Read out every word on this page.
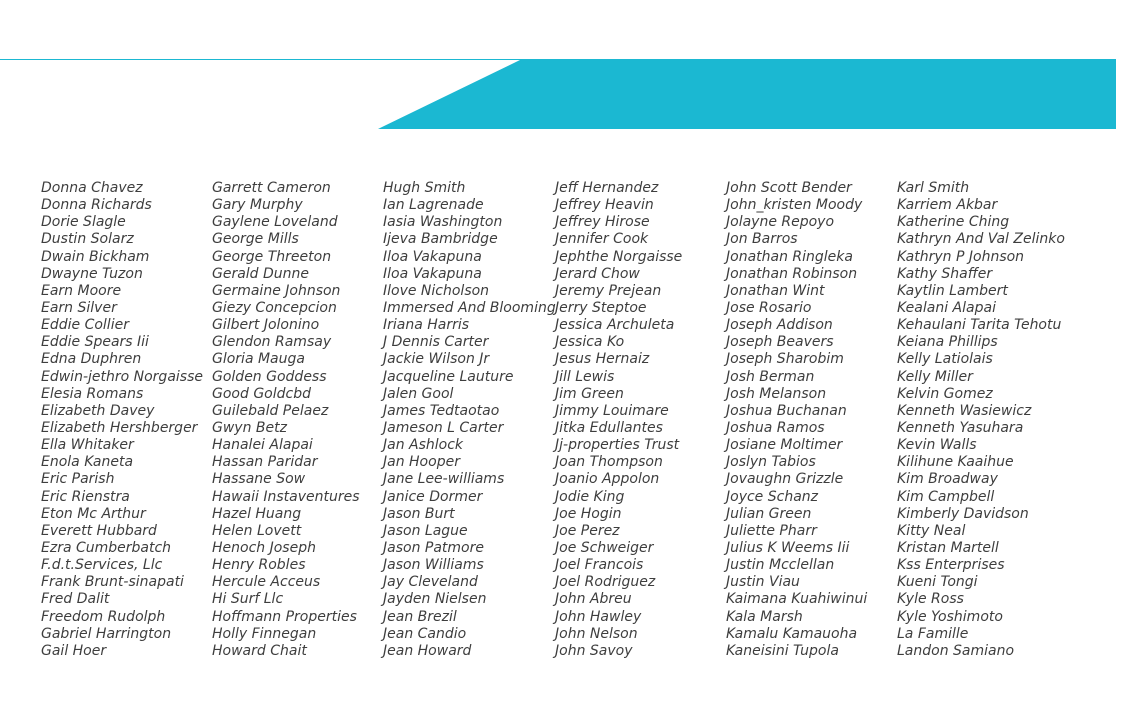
Donna Chavez
Donna Richards
Dorie Slagle
Dustin Solarz
Dwain Bickham
Dwayne Tuzon
Earn Moore
Earn Silver
Eddie Collier
Eddie Spears Iii
Edna Duphren
Edwin-jethro Norgaisse
Elesia Romans
Elizabeth Davey
Elizabeth Hershberger
Ella Whitaker
Enola Kaneta
Eric Parish
Eric Rienstra
Eton Mc Arthur
Everett Hubbard
Ezra Cumberbatch
F.d.t.Services, Llc
Frank Brunt-sinapati
Fred Dalit
Freedom Rudolph
Gabriel Harrington
Gail Hoer
Garrett Cameron
Gary Murphy
Gaylene Loveland
George Mills
George Threeton
Gerald Dunne
Germaine Johnson
Giezy Concepcion
Gilbert Jolonino
Glendon Ramsay
Gloria Mauga
Golden Goddess
Good Goldcbd
Guilebald Pelaez
Gwyn Betz
Hanalei Alapai
Hassan Paridar
Hassane Sow
Hawaii Instaventures
Hazel Huang
Helen Lovett
Henoch Joseph
Henry Robles
Hercule Acceus
Hi Surf Llc
Hoffmann Properties
Holly Finnegan
Howard Chait
Hugh Smith
Ian Lagrenade
Iasia Washington
Ijeva Bambridge
Iloa Vakapuna
Iloa Vakapuna
Ilove Nicholson
Immersed And Blooming
Iriana Harris
J Dennis Carter
Jackie Wilson Jr
Jacqueline Lauture
Jalen Gool
James Tedtaotao
Jameson L Carter
Jan Ashlock
Jan Hooper
Jane Lee-williams
Janice Dormer
Jason Burt
Jason Lague
Jason Patmore
Jason Williams
Jay Cleveland
Jayden Nielsen
Jean Brezil
Jean Candio
Jean Howard
Jeff Hernandez
Jeffrey Heavin
Jeffrey Hirose
Jennifer Cook
Jephthe Norgaisse
Jerard Chow
Jeremy Prejean
Jerry Steptoe
Jessica Archuleta
Jessica Ko
Jesus Hernaiz
Jill Lewis
Jim Green
Jimmy Louimare
Jitka Edullantes
Jj-properties Trust
Joan Thompson
Joanio Appolon
Jodie King
Joe Hogin
Joe Perez
Joe Schweiger
Joel Francois
Joel Rodriguez
John Abreu
John Hawley
John Nelson
John Savoy
John Scott Bender
John_kristen Moody
Jolayne Repoyo
Jon Barros
Jonathan Ringleka
Jonathan Robinson
Jonathan Wint
Jose Rosario
Joseph Addison
Joseph Beavers
Joseph Sharobim
Josh Berman
Josh Melanson
Joshua Buchanan
Joshua Ramos
Josiane Moltimer
Joslyn Tabios
Jovaughn Grizzle
Joyce Schanz
Julian Green
Juliette Pharr
Julius K Weems Iii
Justin Mcclellan
Justin Viau
Kaimana Kuahiwinui
Kala Marsh
Kamalu Kamauoha
Kaneisini Tupola
Karl Smith
Karriem Akbar
Katherine Ching
Kathryn And Val Zelinko
Kathryn P Johnson
Kathy Shaffer
Kaytlin Lambert
Kealani Alapai
Kehaulani Tarita Tehotu
Keiana Phillips
Kelly Latiolais
Kelly Miller
Kelvin Gomez
Kenneth Wasiewicz
Kenneth Yasuhara
Kevin Walls
Kilihune Kaaihue
Kim Broadway
Kim Campbell
Kimberly Davidson
Kitty Neal
Kristan Martell
Kss Enterprises
Kueni Tongi
Kyle Ross
Kyle Yoshimoto
La Famille
Landon Samiano
